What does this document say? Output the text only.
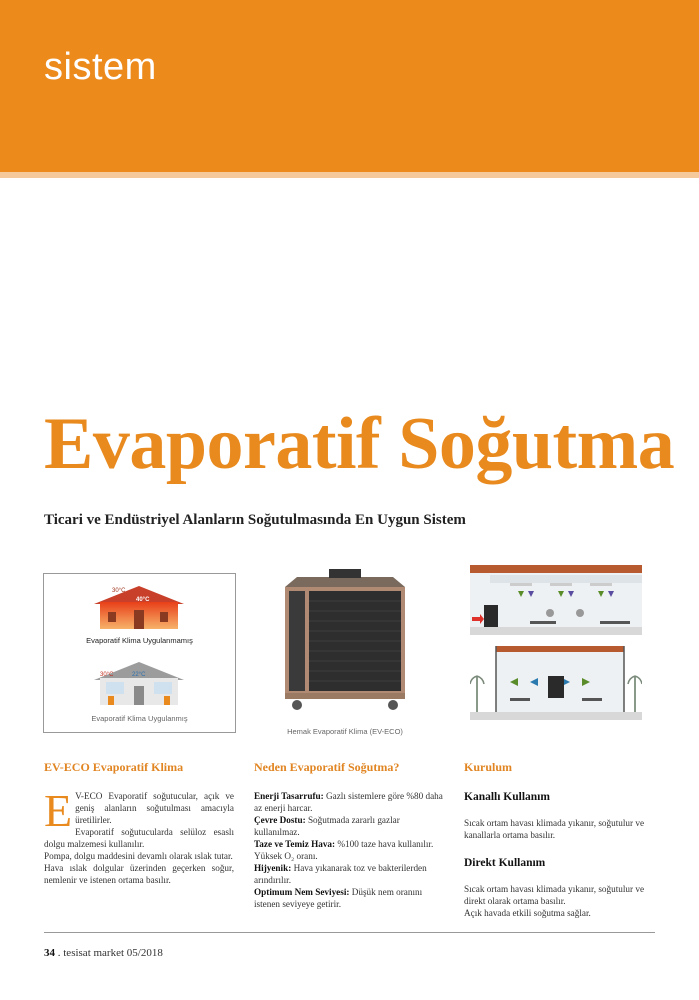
sistem
Evaporatif Soğutma
Ticari ve Endüstriyel Alanların Soğutulmasında En Uygun Sistem
30°C
40°C
Evaporatif Klima Uygulanmamış
30°C	22°C
Evaporatif Klima Uygulanmış
Hemak Evaporatif Klima (EV-ECO)
EV-ECO Evaporatif Klima

E V-ECO Evaporatif soğutucular, açık ve geniş alanların soğutulması amacıyla üretilirler.

Evaporatif soğutucularda selüloz esaslı dolgu malzemesi kullanılır.

Pompa, dolgu maddesini devamlı olarak ıslak tutar.

Hava ıslak dolgular üzerinden geçerken soğur, nemlenir ve istenen ortama basılır.

Neden Evaporatif Soğutma?

Enerji Tasarrufu: Gazlı sistemlere göre %80 daha az enerji harcar.

Çevre Dostu: Soğutmada zararlı gazlar kullanılmaz.

Taze ve Temiz Hava: %100 taze hava kullanılır.

Yüksek O₂ oranı.

Hijyenik: Hava yıkanarak toz ve bakterilerden arındırılır.

Optimum Nem Seviyesi: Düşük nem oranını istenen seviyeye getirir.

Kurulum
Kanallı Kullanım

Sıcak ortam havası klimada yıkanır, soğutulur ve kanallarla ortama basılır.

Direkt Kullanım

Sıcak ortam havası klimada yıkanır, soğutulur ve direkt olarak ortama basılır.

Açık havada etkili soğutma sağlar.

34 . tesisat market 05/2018
